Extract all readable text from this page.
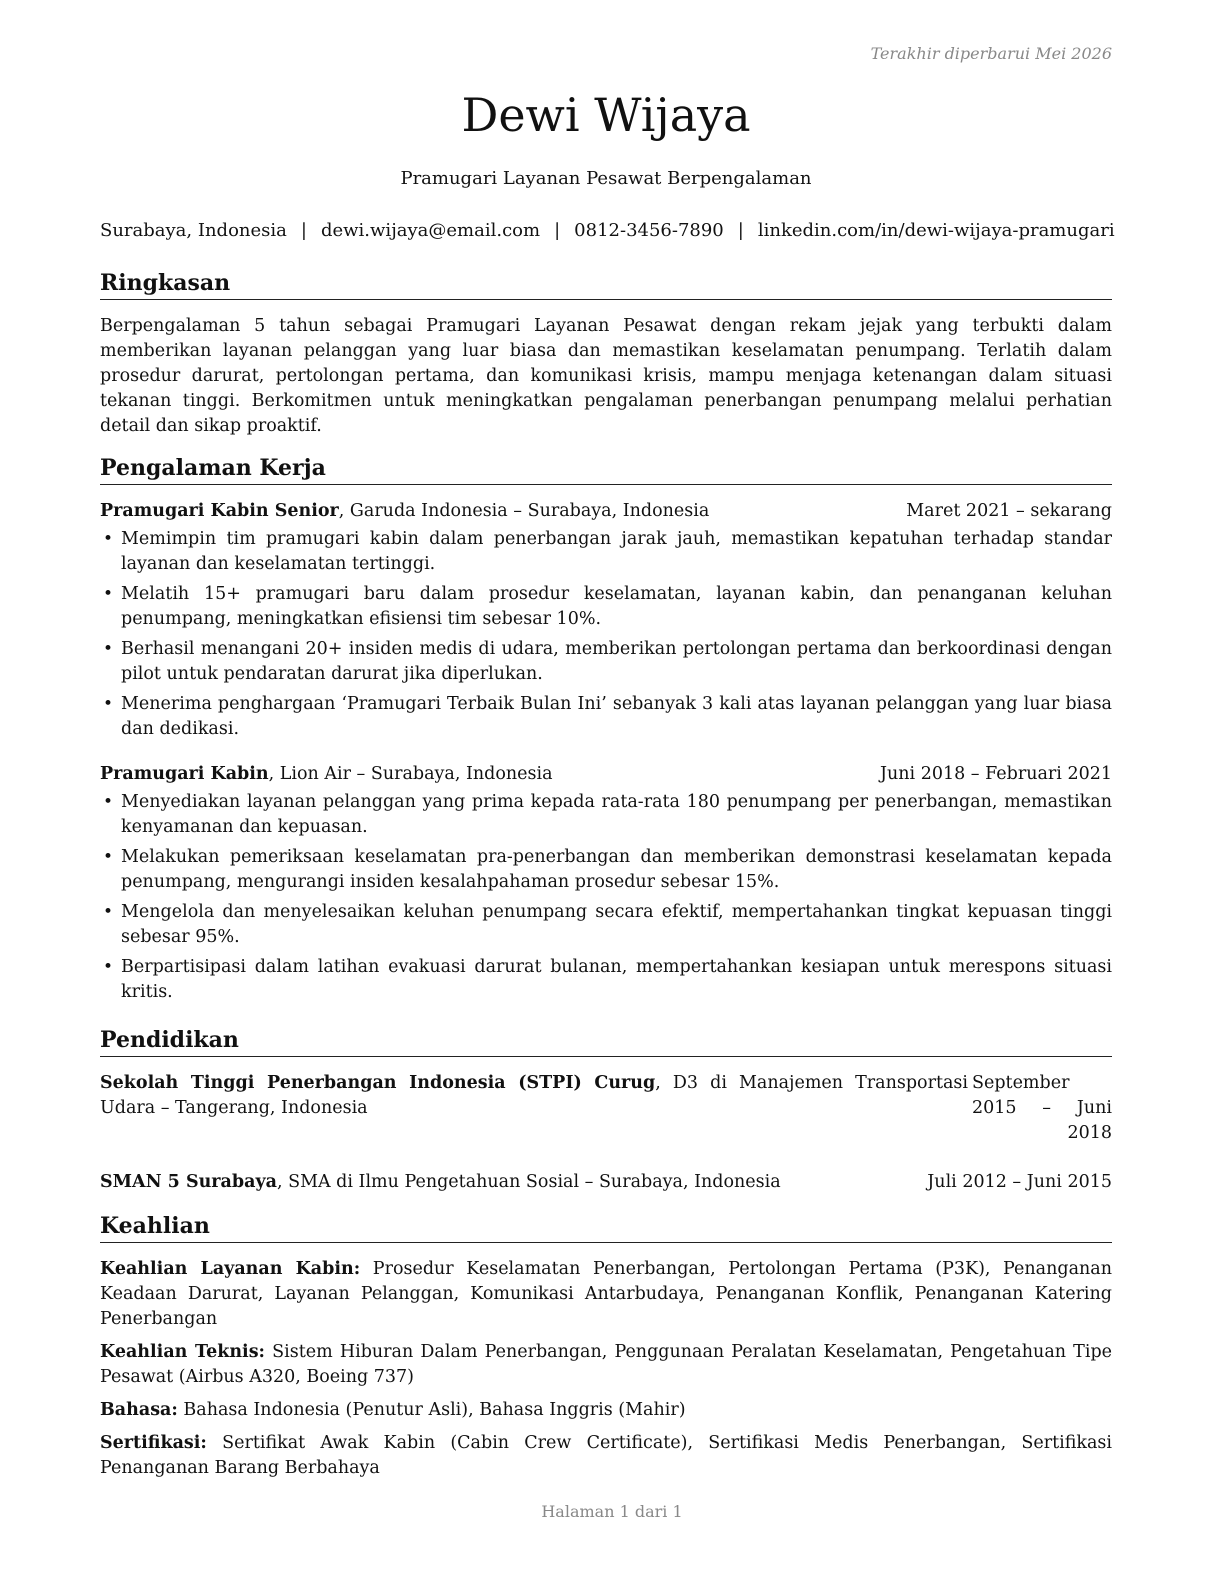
Terakhir diperbarui Mei 2026
Dewi Wijaya
Pramugari Layanan Pesawat Berpengalaman
Surabaya, Indonesia | dewi.wijaya@email.com | 0812-3456-7890 | linkedin.com/in/dewi-wijaya-pramugari
Ringkasan

Berpengalaman 5 tahun sebagai Pramugari Layanan Pesawat dengan rekam jejak yang terbukti dalam memberikan layanan pelanggan yang luar biasa dan memastikan keselamatan penumpang. Terlatih dalam prosedur darurat, pertolongan pertama, dan komunikasi krisis, mampu menjaga ketenangan dalam situasi tekanan tinggi. Berkomitmen untuk meningkatkan pengalaman penerbangan penumpang melalui perhatian detail dan sikap proaktif.

Pengalaman Kerja
Pramugari Kabin Senior, Garuda Indonesia – Surabaya, Indonesia	Maret 2021 – sekarang
• Memimpin tim pramugari kabin dalam penerbangan jarak jauh, memastikan kepatuhan terhadap standar layanan dan keselamatan tertinggi.
• Melatih 15+ pramugari baru dalam prosedur keselamatan, layanan kabin, dan penanganan keluhan penumpang, meningkatkan efisiensi tim sebesar 10%.
• Berhasil menangani 20+ insiden medis di udara, memberikan pertolongan pertama dan berkoordinasi dengan pilot untuk pendaratan darurat jika diperlukan.
• Menerima penghargaan ‘Pramugari Terbaik Bulan Ini’ sebanyak 3 kali atas layanan pelanggan yang luar biasa dan dedikasi.
Pramugari Kabin, Lion Air – Surabaya, Indonesia	Juni 2018 – Februari 2021
• Menyediakan layanan pelanggan yang prima kepada rata-rata 180 penumpang per penerbangan, memastikan kenyamanan dan kepuasan.
• Melakukan pemeriksaan keselamatan pra-penerbangan dan memberikan demonstrasi keselamatan kepada penumpang, mengurangi insiden kesalahpahaman prosedur sebesar 15%.
• Mengelola dan menyelesaikan keluhan penumpang secara efektif, mempertahankan tingkat kepuasan tinggi sebesar 95%.
• Berpartisipasi dalam latihan evakuasi darurat bulanan, mempertahankan kesiapan untuk merespons situasi kritis.
Pendidikan
Sekolah Tinggi Penerbangan Indonesia (STPI) Curug, D3 di Manajemen Transportasi Udara – Tangerang, Indonesia
September 2015 – Juni 2018
SMAN 5 Surabaya, SMA di Ilmu Pengetahuan Sosial – Surabaya, Indonesia	Juli 2012 – Juni 2015
Keahlian
Keahlian Layanan Kabin: Prosedur Keselamatan Penerbangan, Pertolongan Pertama (P3K), Penanganan Keadaan Darurat, Layanan Pelanggan, Komunikasi Antarbudaya, Penanganan Konflik, Penanganan Katering Penerbangan
Keahlian Teknis: Sistem Hiburan Dalam Penerbangan, Penggunaan Peralatan Keselamatan, Pengetahuan Tipe Pesawat (Airbus A320, Boeing 737)
Bahasa: Bahasa Indonesia (Penutur Asli), Bahasa Inggris (Mahir)
Sertifikasi: Sertifikat Awak Kabin (Cabin Crew Certificate), Sertifikasi Medis Penerbangan, Sertifikasi Penanganan Barang Berbahaya
Halaman 1 dari 1
